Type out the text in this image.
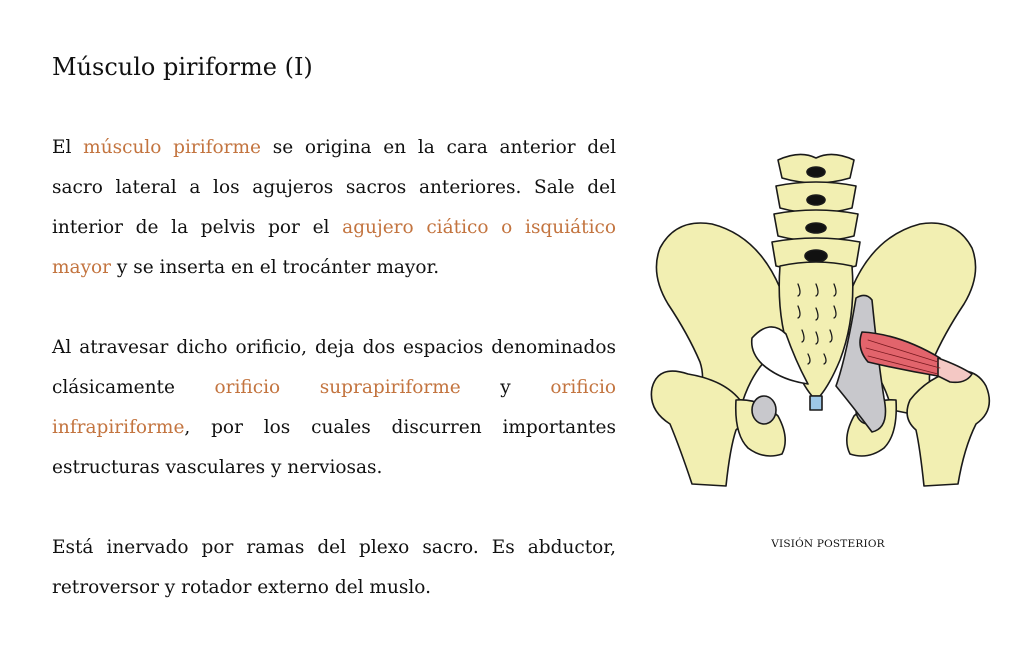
Músculo piriforme (I)

El músculo piriforme se origina en la cara anterior del sacro lateral a los agujeros sacros anteriores. Sale del interior de la pelvis por el agujero ciático o isquiático mayor y se inserta en el trocánter mayor.

Al atravesar dicho orificio, deja dos espacios denominados clásicamente orificio suprapiriforme y orificio infrapiriforme, por los cuales discurren importantes estructuras vasculares y nerviosas.

Está inervado por ramas del plexo sacro. Es abductor, retroversor y rotador externo del muslo.

VISIÓN POSTERIOR
